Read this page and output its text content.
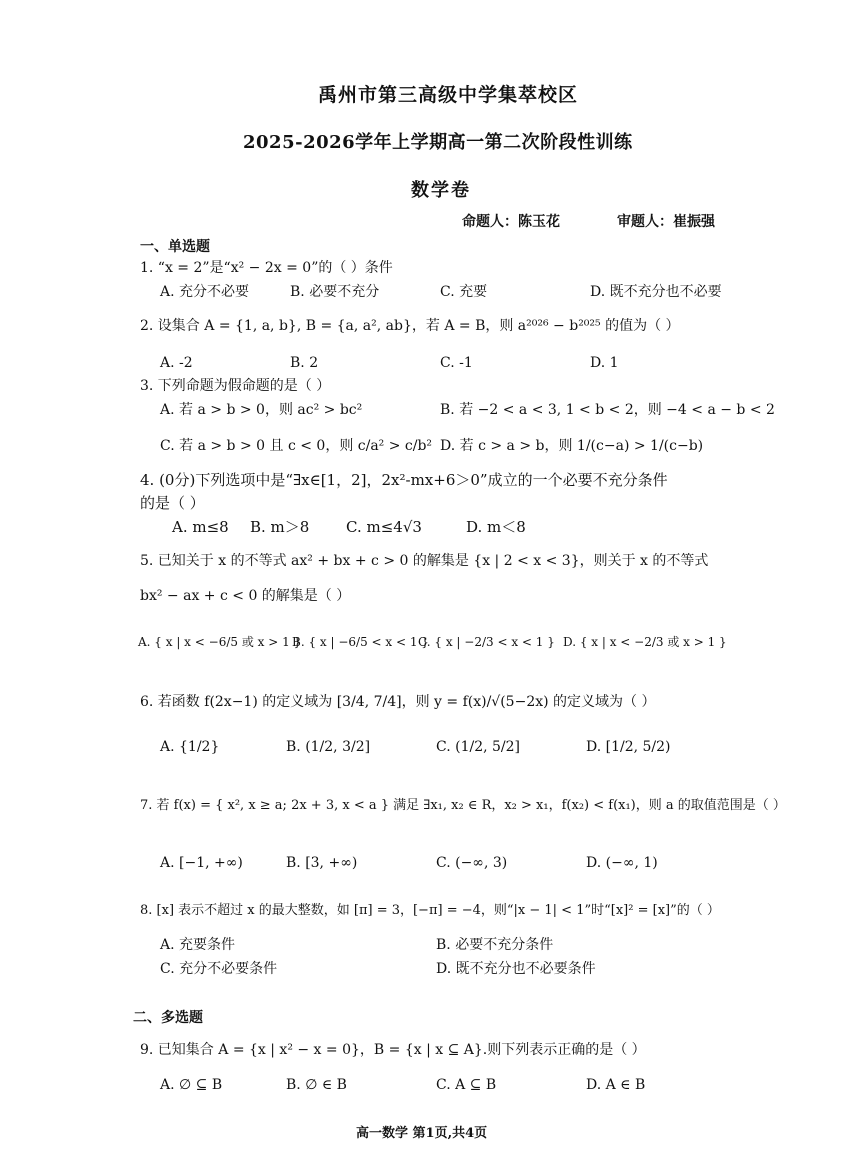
禹州市第三高级中学集萃校区
2025-2026学年上学期高一第二次阶段性训练
数学卷
命题人：陈玉花	审题人：崔振强
一、单选题
1. “x = 2”是“x² − 2x = 0”的（ ）条件
A. 充分不必要	B. 必要不充分	C. 充要	D. 既不充分也不必要
2. 设集合 A = {1, a, b}, B = {a, a², ab}，若 A = B，则 a²⁰²⁶ − b²⁰²⁵ 的值为（ ）
A. -2	B. 2	C. -1	D. 1
3. 下列命题为假命题的是（ ）
A. 若 a > b > 0，则 ac² > bc²	B. 若 −2 < a < 3, 1 < b < 2，则 −4 < a − b < 2
C. 若 a > b > 0 且 c < 0，则 c/a² > c/b² D. 若 c > a > b，则 1/(c−a) > 1/(c−b)
4. (0分)下列选项中是“∃x∈[1，2]，2x²-mx+6＞0”成立的一个必要不充分条件
的是（ ）
A. m≤8 B. m＞8 C. m≤4√3	D. m＜8
5. 已知关于 x 的不等式 ax² + bx + c > 0 的解集是 {x | 2 < x < 3}，则关于 x 的不等式
bx² − ax + c < 0 的解集是（ ）
A. { x | x < −6/5 或 x > 1 }
B. { x | −6/5 < x < 1 }
C. { x | −2/3 < x < 1 } D. { x | x < −2/3 或 x > 1 }
6. 若函数 f(2x−1) 的定义域为 [3/4, 7/4]，则 y = f(x)/√(5−2x) 的定义域为（ ）
A. {1/2}	B. (1/2, 3/2]	C. (1/2, 5/2]	D. [1/2, 5/2)
7. 若 f(x) = { x², x ≥ a; 2x + 3, x < a } 满足 ∃x₁, x₂ ∈ R，x₂ > x₁，f(x₂) < f(x₁)，则 a 的取值范围是（ ）
A. [−1, +∞)	B. [3, +∞)	C. (−∞, 3)	D. (−∞, 1)
8. [x] 表示不超过 x 的最大整数，如 [π] = 3，[−π] = −4，则“|x − 1| < 1”时“[x]² = [x]”的（ ）
A. 充要条件	B. 必要不充分条件
C. 充分不必要条件	D. 既不充分也不必要条件
二、多选题
9. 已知集合 A = {x | x² − x = 0}，B = {x | x ⊆ A}.则下列表示正确的是（ ）
A. ∅ ⊆ B	B. ∅ ∈ B	C. A ⊆ B	D. A ∈ B
高一数学 第1页,共4页
